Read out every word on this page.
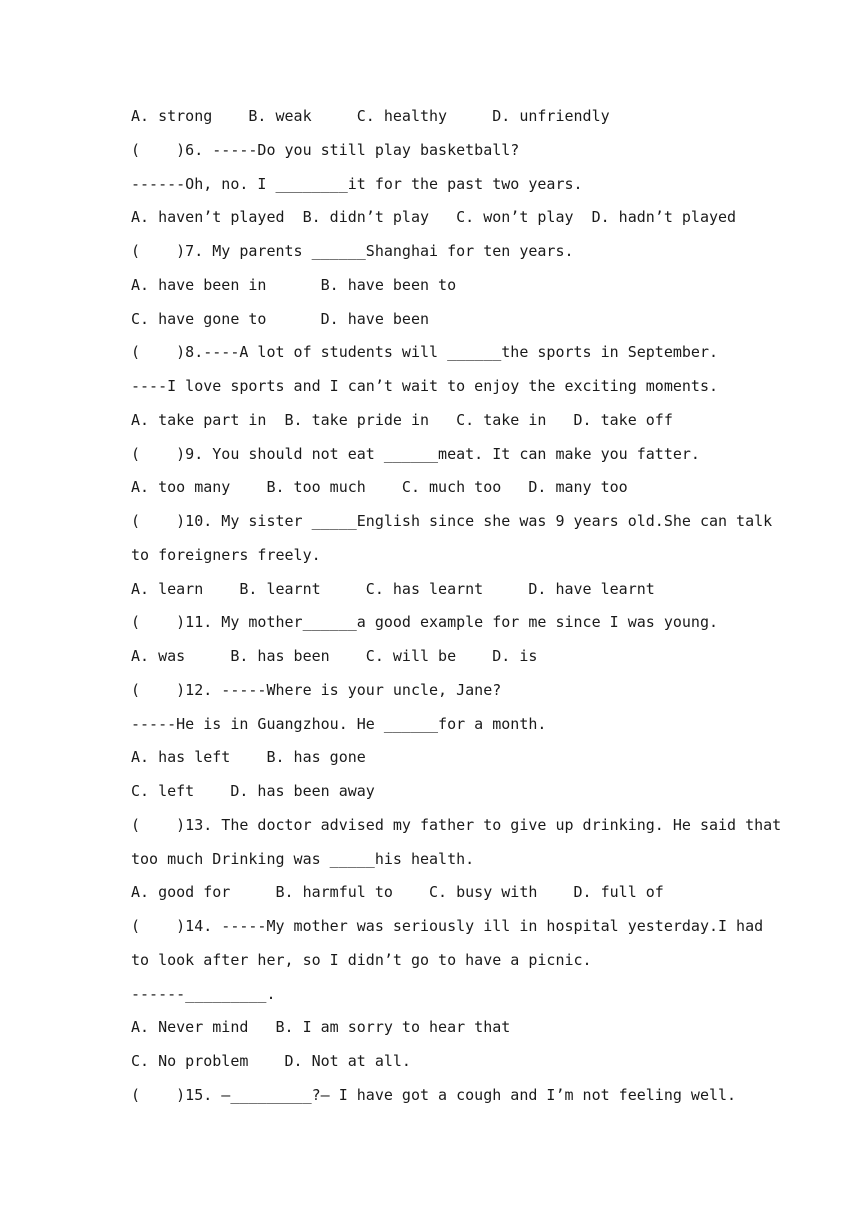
A. strong    B. weak     C. healthy     D. unfriendly
(    )6. -----Do you still play basketball?
------Oh, no. I ________it for the past two years.
A. haven’t played  B. didn’t play   C. won’t play  D. hadn’t played
(    )7. My parents ______Shanghai for ten years.
A. have been in      B. have been to
C. have gone to      D. have been
(    )8.----A lot of students will ______the sports in September.
----I love sports and I can’t wait to enjoy the exciting moments.
A. take part in  B. take pride in   C. take in   D. take off
(    )9. You should not eat ______meat. It can make you fatter.
A. too many    B. too much    C. much too   D. many too
(    )10. My sister _____English since she was 9 years old.She can talk
to foreigners freely.
A. learn    B. learnt     C. has learnt     D. have learnt
(    )11. My mother______a good example for me since I was young.
A. was     B. has been    C. will be    D. is
(    )12. -----Where is your uncle, Jane?
-----He is in Guangzhou. He ______for a month.
A. has left    B. has gone
C. left    D. has been away
(    )13. The doctor advised my father to give up drinking. He said that
too much Drinking was _____his health.
A. good for     B. harmful to    C. busy with    D. full of
(    )14. -----My mother was seriously ill in hospital yesterday.I had
to look after her, so I didn’t go to have a picnic.
------_________.
A. Never mind   B. I am sorry to hear that
C. No problem    D. Not at all.
(    )15. —_________?— I have got a cough and I’m not feeling well.
